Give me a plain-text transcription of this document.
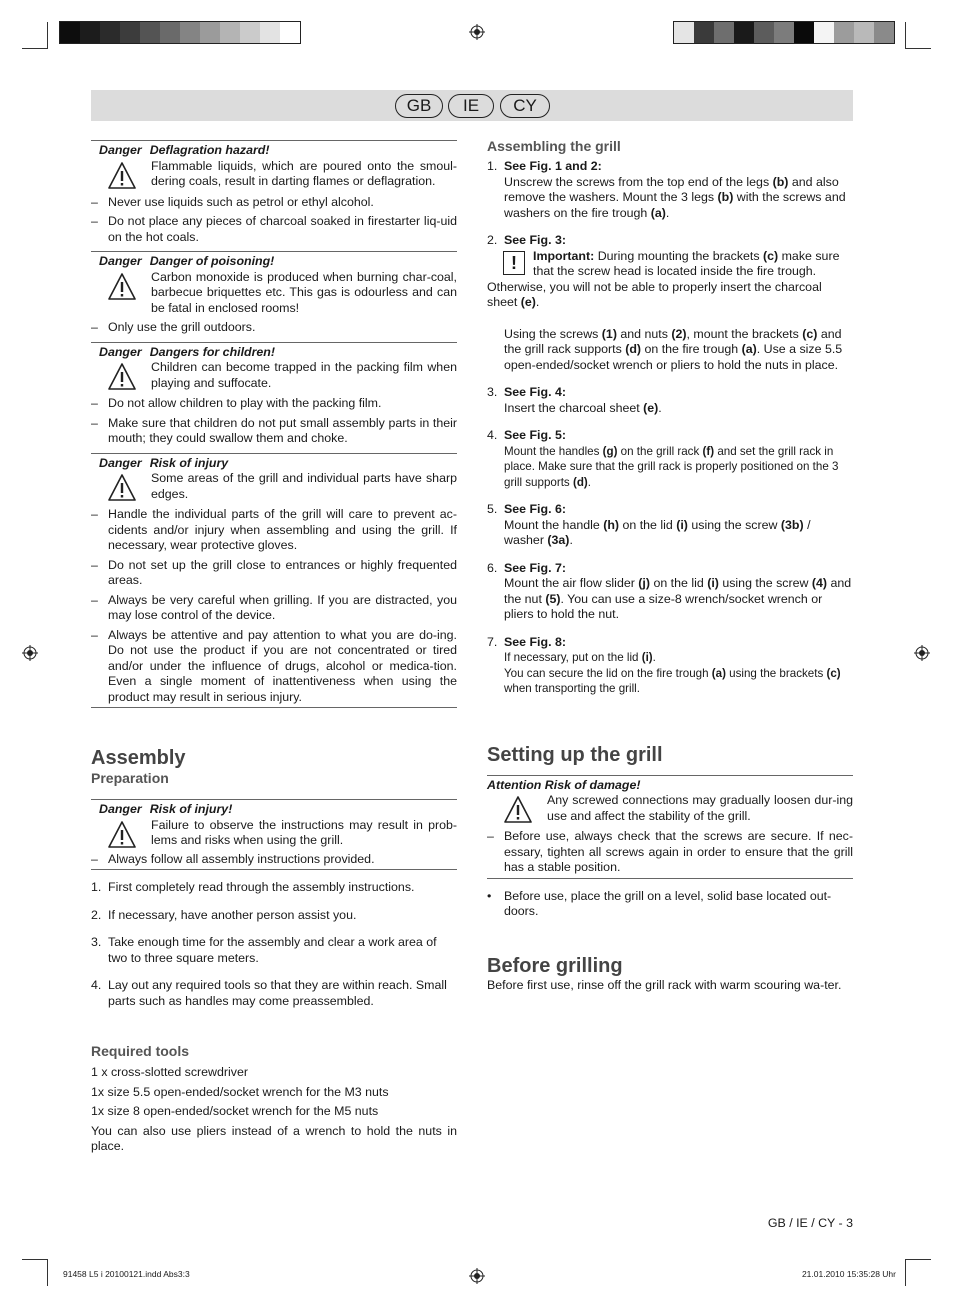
GB	IE	CY
Danger Deflagration hazard!
Flammable liquids, which are poured onto the smoul-dering coals, result in darting flames or deflagration.
– Never use liquids such as petrol or ethyl alcohol.
– Do not place any pieces of charcoal soaked in firestarter liq-uid on the hot coals.
Danger Danger of poisoning!
Carbon monoxide is produced when burning char-coal, barbecue briquettes etc. This gas is odourless and can be fatal in enclosed rooms!
– Only use the grill outdoors.
Danger Dangers for children!
Children can become trapped in the packing film when playing and suffocate.
– Do not allow children to play with the packing film.
– Make sure that children do not put small assembly parts in their mouth; they could swallow them and choke.
Danger Risk of injury
Some areas of the grill and individual parts have sharp edges.
– Handle the individual parts of the grill will care to prevent ac-cidents and/or injury when assembling and using the grill. If necessary, wear protective gloves.
– Do not set up the grill close to entrances or highly frequented areas.
– Always be very careful when grilling. If you are distracted, you may lose control of the device.
– Always be attentive and pay attention to what you are do-ing. Do not use the product if you are not concentrated or tired and/or under the influence of drugs, alcohol or medica-tion. Even a single moment of inattentiveness when using the product may result in serious injury.
Assembly
Preparation
Danger Risk of injury!
Failure to observe the instructions may result in prob-lems and risks when using the grill.
– Always follow all assembly instructions provided.
1. First completely read through the assembly instructions.
2. If necessary, have another person assist you.
3. Take enough time for the assembly and clear a work area of two to three square meters.
4. Lay out any required tools so that they are within reach. Small parts such as handles may come preassembled.
Required tools
1 x cross-slotted screwdriver
1x size 5.5 open-ended/socket wrench for the M3 nuts
1x size 8 open-ended/socket wrench for the M5 nuts
You can also use pliers instead of a wrench to hold the nuts in place.
Assembling the grill
1. See Fig. 1 and 2:
Unscrew the screws from the top end of the legs (b) and also remove the washers. Mount the 3 legs (b) with the screws and washers on the fire trough (a).
2. See Fig. 3:
!	Important: During mounting the brackets (c) make sure that the screw head is located inside the fire trough. Otherwise, you will not be able to properly insert the charcoal sheet (e).
Using the screws (1) and nuts (2), mount the brackets (c) and the grill rack supports (d) on the fire trough (a). Use a size 5.5 open-ended/socket wrench or pliers to hold the nuts in place.
3. See Fig. 4:
Insert the charcoal sheet (e).
4. See Fig. 5:
Mount the handles (g) on the grill rack (f) and set the grill rack in place. Make sure that the grill rack is properly positioned on the 3 grill supports (d).
5. See Fig. 6:
Mount the handle (h) on the lid (i) using the screw (3b) / washer (3a).
6. See Fig. 7:
Mount the air flow slider (j) on the lid (i) using the screw (4) and the nut (5). You can use a size-8 wrench/socket wrench or pliers to hold the nut.
7. See Fig. 8:
If necessary, put on the lid (i).
You can secure the lid on the fire trough (a) using the brackets (c) when transporting the grill.
Setting up the grill
Attention Risk of damage!
Any screwed connections may gradually loosen dur-ing use and affect the stability of the grill.
– Before use, always check that the screws are secure. If nec-essary, tighten all screws again in order to ensure that the grill has a stable position.
• Before use, place the grill on a level, solid base located out-doors.
Before grilling
Before first use, rinse off the grill rack with warm scouring wa-ter.
GB / IE / CY - 3
91458 L5 i 20100121.indd Abs3:3	21.01.2010 15:35:28 Uhr
